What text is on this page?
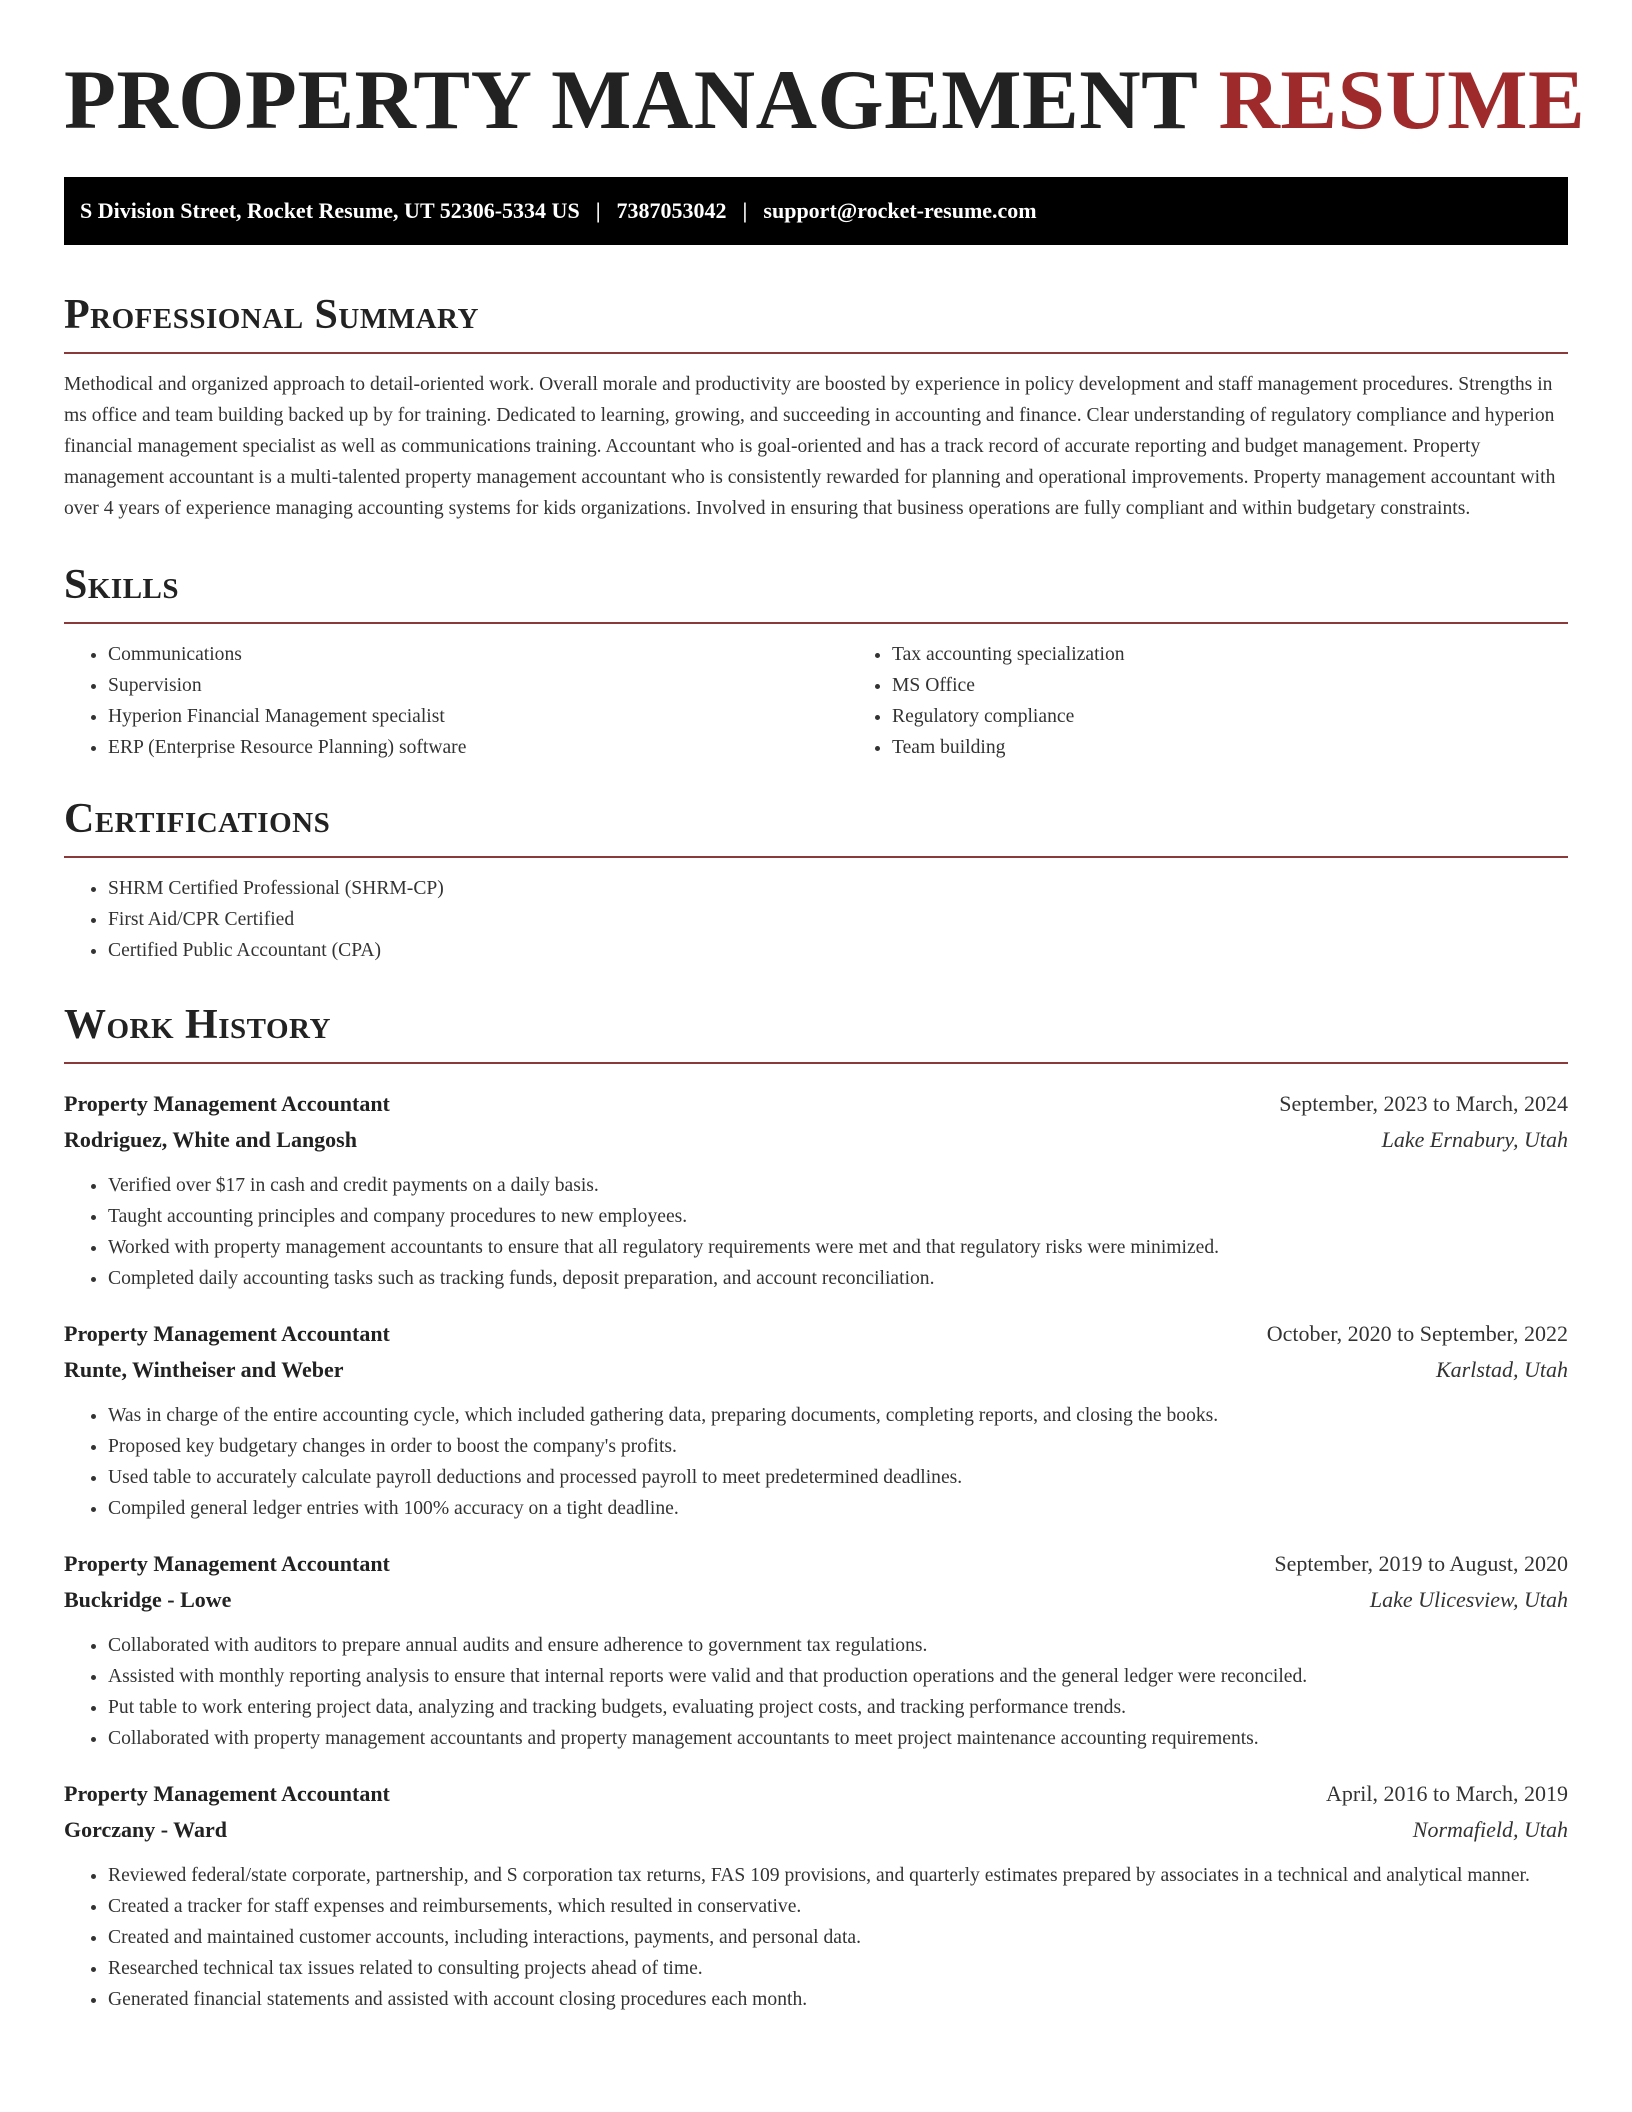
PROPERTY MANAGEMENT RESUME
S Division Street, Rocket Resume, UT 52306-5334 US | 7387053042 | support@rocket-resume.com
Professional Summary

Methodical and organized approach to detail-oriented work. Overall morale and productivity are boosted by experience in policy development and staff management procedures. Strengths in ms office and team building backed up by for training. Dedicated to learning, growing, and succeeding in accounting and finance. Clear understanding of regulatory compliance and hyperion financial management specialist as well as communications training. Accountant who is goal-oriented and has a track record of accurate reporting and budget management. Property management accountant is a multi-talented property management accountant who is consistently rewarded for planning and operational improvements. Property management accountant with over 4 years of experience managing accounting systems for kids organizations. Involved in ensuring that business operations are fully compliant and within budgetary constraints.

Skills
• Communications
• Supervision
• Hyperion Financial Management specialist
• ERP (Enterprise Resource Planning) software
• Tax accounting specialization
• MS Office
• Regulatory compliance
• Team building
Certifications
• SHRM Certified Professional (SHRM-CP)
• First Aid/CPR Certified
• Certified Public Accountant (CPA)
Work History
Property Management Accountant	September, 2023 to March, 2024
Rodriguez, White and Langosh	Lake Ernabury, Utah
• Verified over $17 in cash and credit payments on a daily basis.
• Taught accounting principles and company procedures to new employees.
• Worked with property management accountants to ensure that all regulatory requirements were met and that regulatory risks were minimized.
• Completed daily accounting tasks such as tracking funds, deposit preparation, and account reconciliation.
Property Management Accountant	October, 2020 to September, 2022
Runte, Wintheiser and Weber	Karlstad, Utah
• Was in charge of the entire accounting cycle, which included gathering data, preparing documents, completing reports, and closing the books.
• Proposed key budgetary changes in order to boost the company's profits.
• Used table to accurately calculate payroll deductions and processed payroll to meet predetermined deadlines.
• Compiled general ledger entries with 100% accuracy on a tight deadline.
Property Management Accountant	September, 2019 to August, 2020
Buckridge - Lowe	Lake Ulicesview, Utah
• Collaborated with auditors to prepare annual audits and ensure adherence to government tax regulations.
• Assisted with monthly reporting analysis to ensure that internal reports were valid and that production operations and the general ledger were reconciled.
• Put table to work entering project data, analyzing and tracking budgets, evaluating project costs, and tracking performance trends.
• Collaborated with property management accountants and property management accountants to meet project maintenance accounting requirements.
Property Management Accountant	April, 2016 to March, 2019
Gorczany - Ward	Normafield, Utah
• Reviewed federal/state corporate, partnership, and S corporation tax returns, FAS 109 provisions, and quarterly estimates prepared by associates in a technical and analytical manner.
• Created a tracker for staff expenses and reimbursements, which resulted in conservative.
• Created and maintained customer accounts, including interactions, payments, and personal data.
• Researched technical tax issues related to consulting projects ahead of time.
• Generated financial statements and assisted with account closing procedures each month.
